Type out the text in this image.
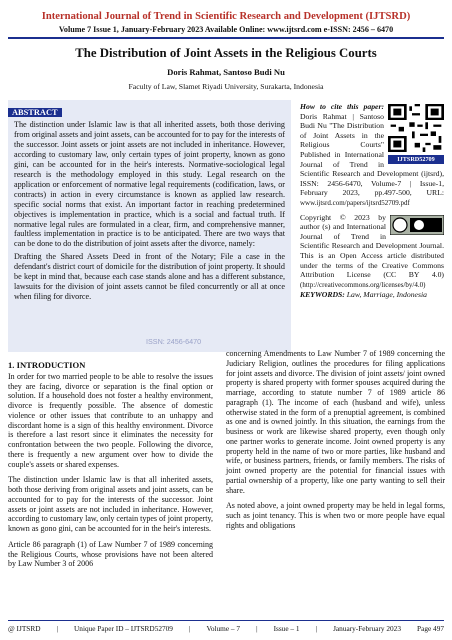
International Journal of Trend in Scientific Research and Development (IJTSRD)
Volume 7 Issue 1, January-February 2023 Available Online: www.ijtsrd.com e-ISSN: 2456 – 6470
The Distribution of Joint Assets in the Religious Courts
Doris Rahmat, Santoso Budi Nu
Faculty of Law, Slamet Riyadi University, Surakarta, Indonesia
ABSTRACT

The distinction under Islamic law is that all inherited assets, both those deriving from original assets and joint assets, can be accounted for to pay for the interests of the successor. Joint assets or joint assets are not included in inheritance. However, according to customary law, only certain types of joint property, known as gono gini, can be accounted for in the heir's interests. Normative-sociological legal research is the methodology employed in this study. Legal research on the application or enforcement of normative legal requirements (codification, laws, or contracts) in action in every circumstance is known as applied law research. specific social norms that exist. An important factor in reaching predetermined objectives is implementation in practice, which is a social and factual truth. If normative legal rules are formulated in a clear, firm, and comprehensive manner, faultless implementation in practice is to be anticipated. There are two ways that can be done to do the distribution of joint assets after the divorce, namely:

Drafting the Shared Assets Deed in front of the Notary; File a case in the defendant's district court of domicile for the distribution of joint property. It should be kept in mind that, because each case stands alone and has a different substance, lawsuits for the division of joint assets cannot be filed concurrently or all at once when filing for divorce.

IJTSRD52709

How to cite this paper: Doris Rahmat | Santoso Budi Nu "The Distribution of Joint Assets in the Religious Courts" Published in International Journal of Trend in Scientific Research and Development (ijtsrd), ISSN: 2456-6470, Volume-7 | Issue-1, February 2023, pp.497-500, URL: www.ijtsrd.com/papers/ijtsrd52709.pdf

Copyright © 2023 by author (s) and International Journal of Trend in Scientific Research and Development Journal. This is an Open Access article distributed under the terms of the Creative Commons Attribution License (CC BY 4.0) (http://creativecommons.org/licenses/by/4.0)

KEYWORDS: Law, Marriage, Indonesia

ISSN: 2456-6470
1. INTRODUCTION

In order for two married people to be able to resolve the issues they are facing, divorce or separation is the final option or solution. If a household does not foster a healthy environment, divorce is frequently possible. The absence of domestic violence or other issues that contribute to an unhappy and discordant home is a sign of this healthy environment. Divorce is therefore a last resort since it eliminates the necessity for confrontation between the two people. Following the divorce, there is frequently a new argument over how to divide the couple's assets or shared expenses.

The distinction under Islamic law is that all inherited assets, both those deriving from original assets and joint assets, can be accounted for to pay for the interests of the successor. Joint assets or joint assets are not included in inheritance. However, according to customary law, only certain types of joint property, known as gono gini, can be accounted for in the heir's interests.

Article 86 paragraph (1) of Law Number 7 of 1989 concerning the Religious Courts, whose provisions have not been altered by Law Number 3 of 2006

concerning Amendments to Law Number 7 of 1989 concerning the Judiciary Religion, outlines the procedures for filing applications for joint assets and divorce. The division of joint assets/ joint owned property is shared property with former spouses acquired during the marriage, according to statute number 7 of 1989 article 86 paragraph (1). The income of each (husband and wife), unless otherwise stated in the form of a prenuptial agreement, is combined as one and is owned jointly. In this situation, the earnings from the business or work are likewise shared property, even though only one partner works to generate income. Joint owned property is any property held in the name of two or more parties, like husband and wife, or business partners, friends, or family members. The risks of joint owned property are the potential for financial issues with partial ownership of a property, like one party wanting to sell their share.

As noted above, a joint owned property may be held in legal forms, such as joint tenancy. This is when two or more people have equal rights and obligations

@ IJTSRD | Unique Paper ID – IJTSRD52709 | Volume – 7 | Issue – 1 | January-February 2023 Page 497
